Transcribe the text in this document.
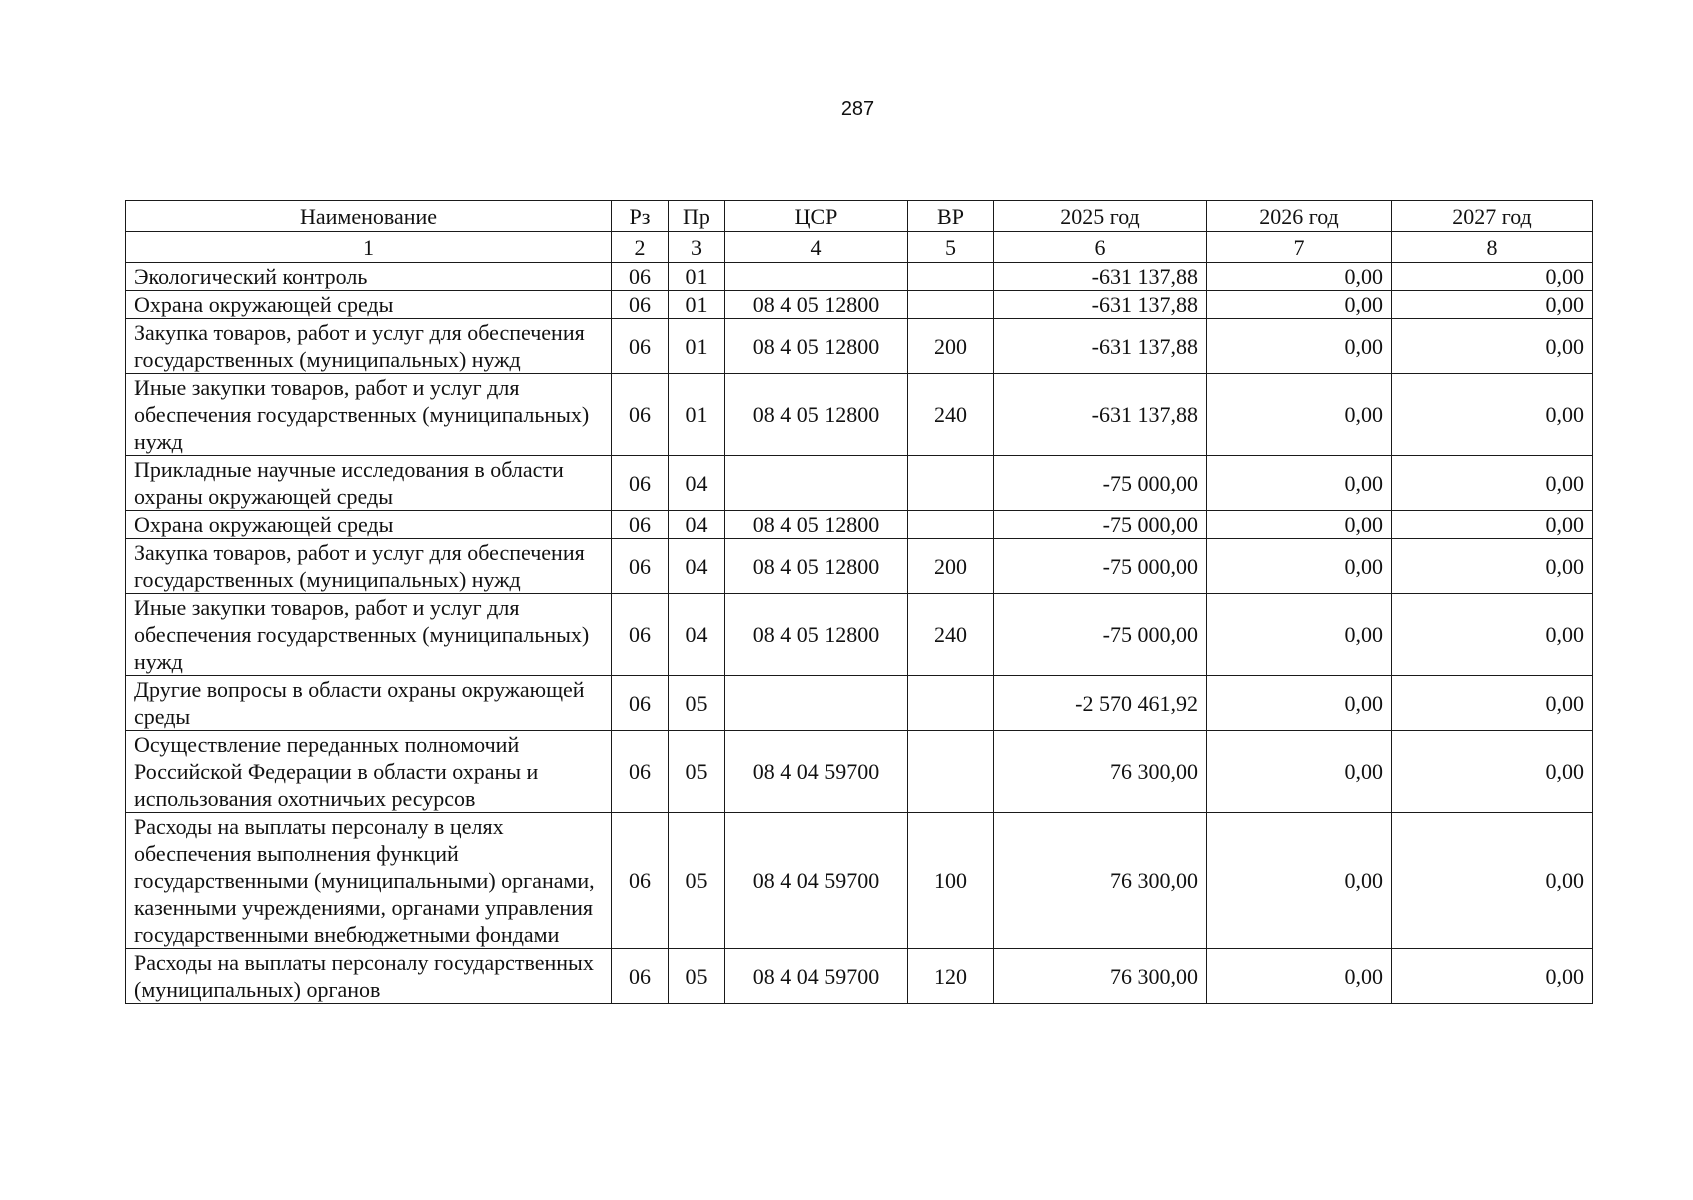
287
Наименование	Рз	Пр	ЦСР	ВР	2025 год	2026 год	2027 год
1	2	3	4	5	6	7	8
Экологический контроль	06	01			-631 137,88	0,00	0,00
Охрана окружающей среды	06	01	08 4 05 12800		-631 137,88	0,00	0,00
Закупка товаров, работ и услуг для обеспечения государственных (муниципальных) нужд	06	01	08 4 05 12800	200	-631 137,88	0,00	0,00
Иные закупки товаров, работ и услуг для обеспечения государственных (муниципальных) нужд	06	01	08 4 05 12800	240	-631 137,88	0,00	0,00
Прикладные научные исследования в области охраны окружающей среды	06	04			-75 000,00	0,00	0,00
Охрана окружающей среды	06	04	08 4 05 12800		-75 000,00	0,00	0,00
Закупка товаров, работ и услуг для обеспечения государственных (муниципальных) нужд	06	04	08 4 05 12800	200	-75 000,00	0,00	0,00
Иные закупки товаров, работ и услуг для обеспечения государственных (муниципальных) нужд	06	04	08 4 05 12800	240	-75 000,00	0,00	0,00
Другие вопросы в области охраны окружающей среды	06	05			-2 570 461,92	0,00	0,00
Осуществление переданных полномочий Российской Федерации в области охраны и использования охотничьих ресурсов	06	05	08 4 04 59700		76 300,00	0,00	0,00
Расходы на выплаты персоналу в целях обеспечения выполнения функций государственными (муниципальными) органами, казенными учреждениями, органами управления государственными внебюджетными фондами	06	05	08 4 04 59700	100	76 300,00	0,00	0,00
Расходы на выплаты персоналу государственных (муниципальных) органов	06	05	08 4 04 59700	120	76 300,00	0,00	0,00
